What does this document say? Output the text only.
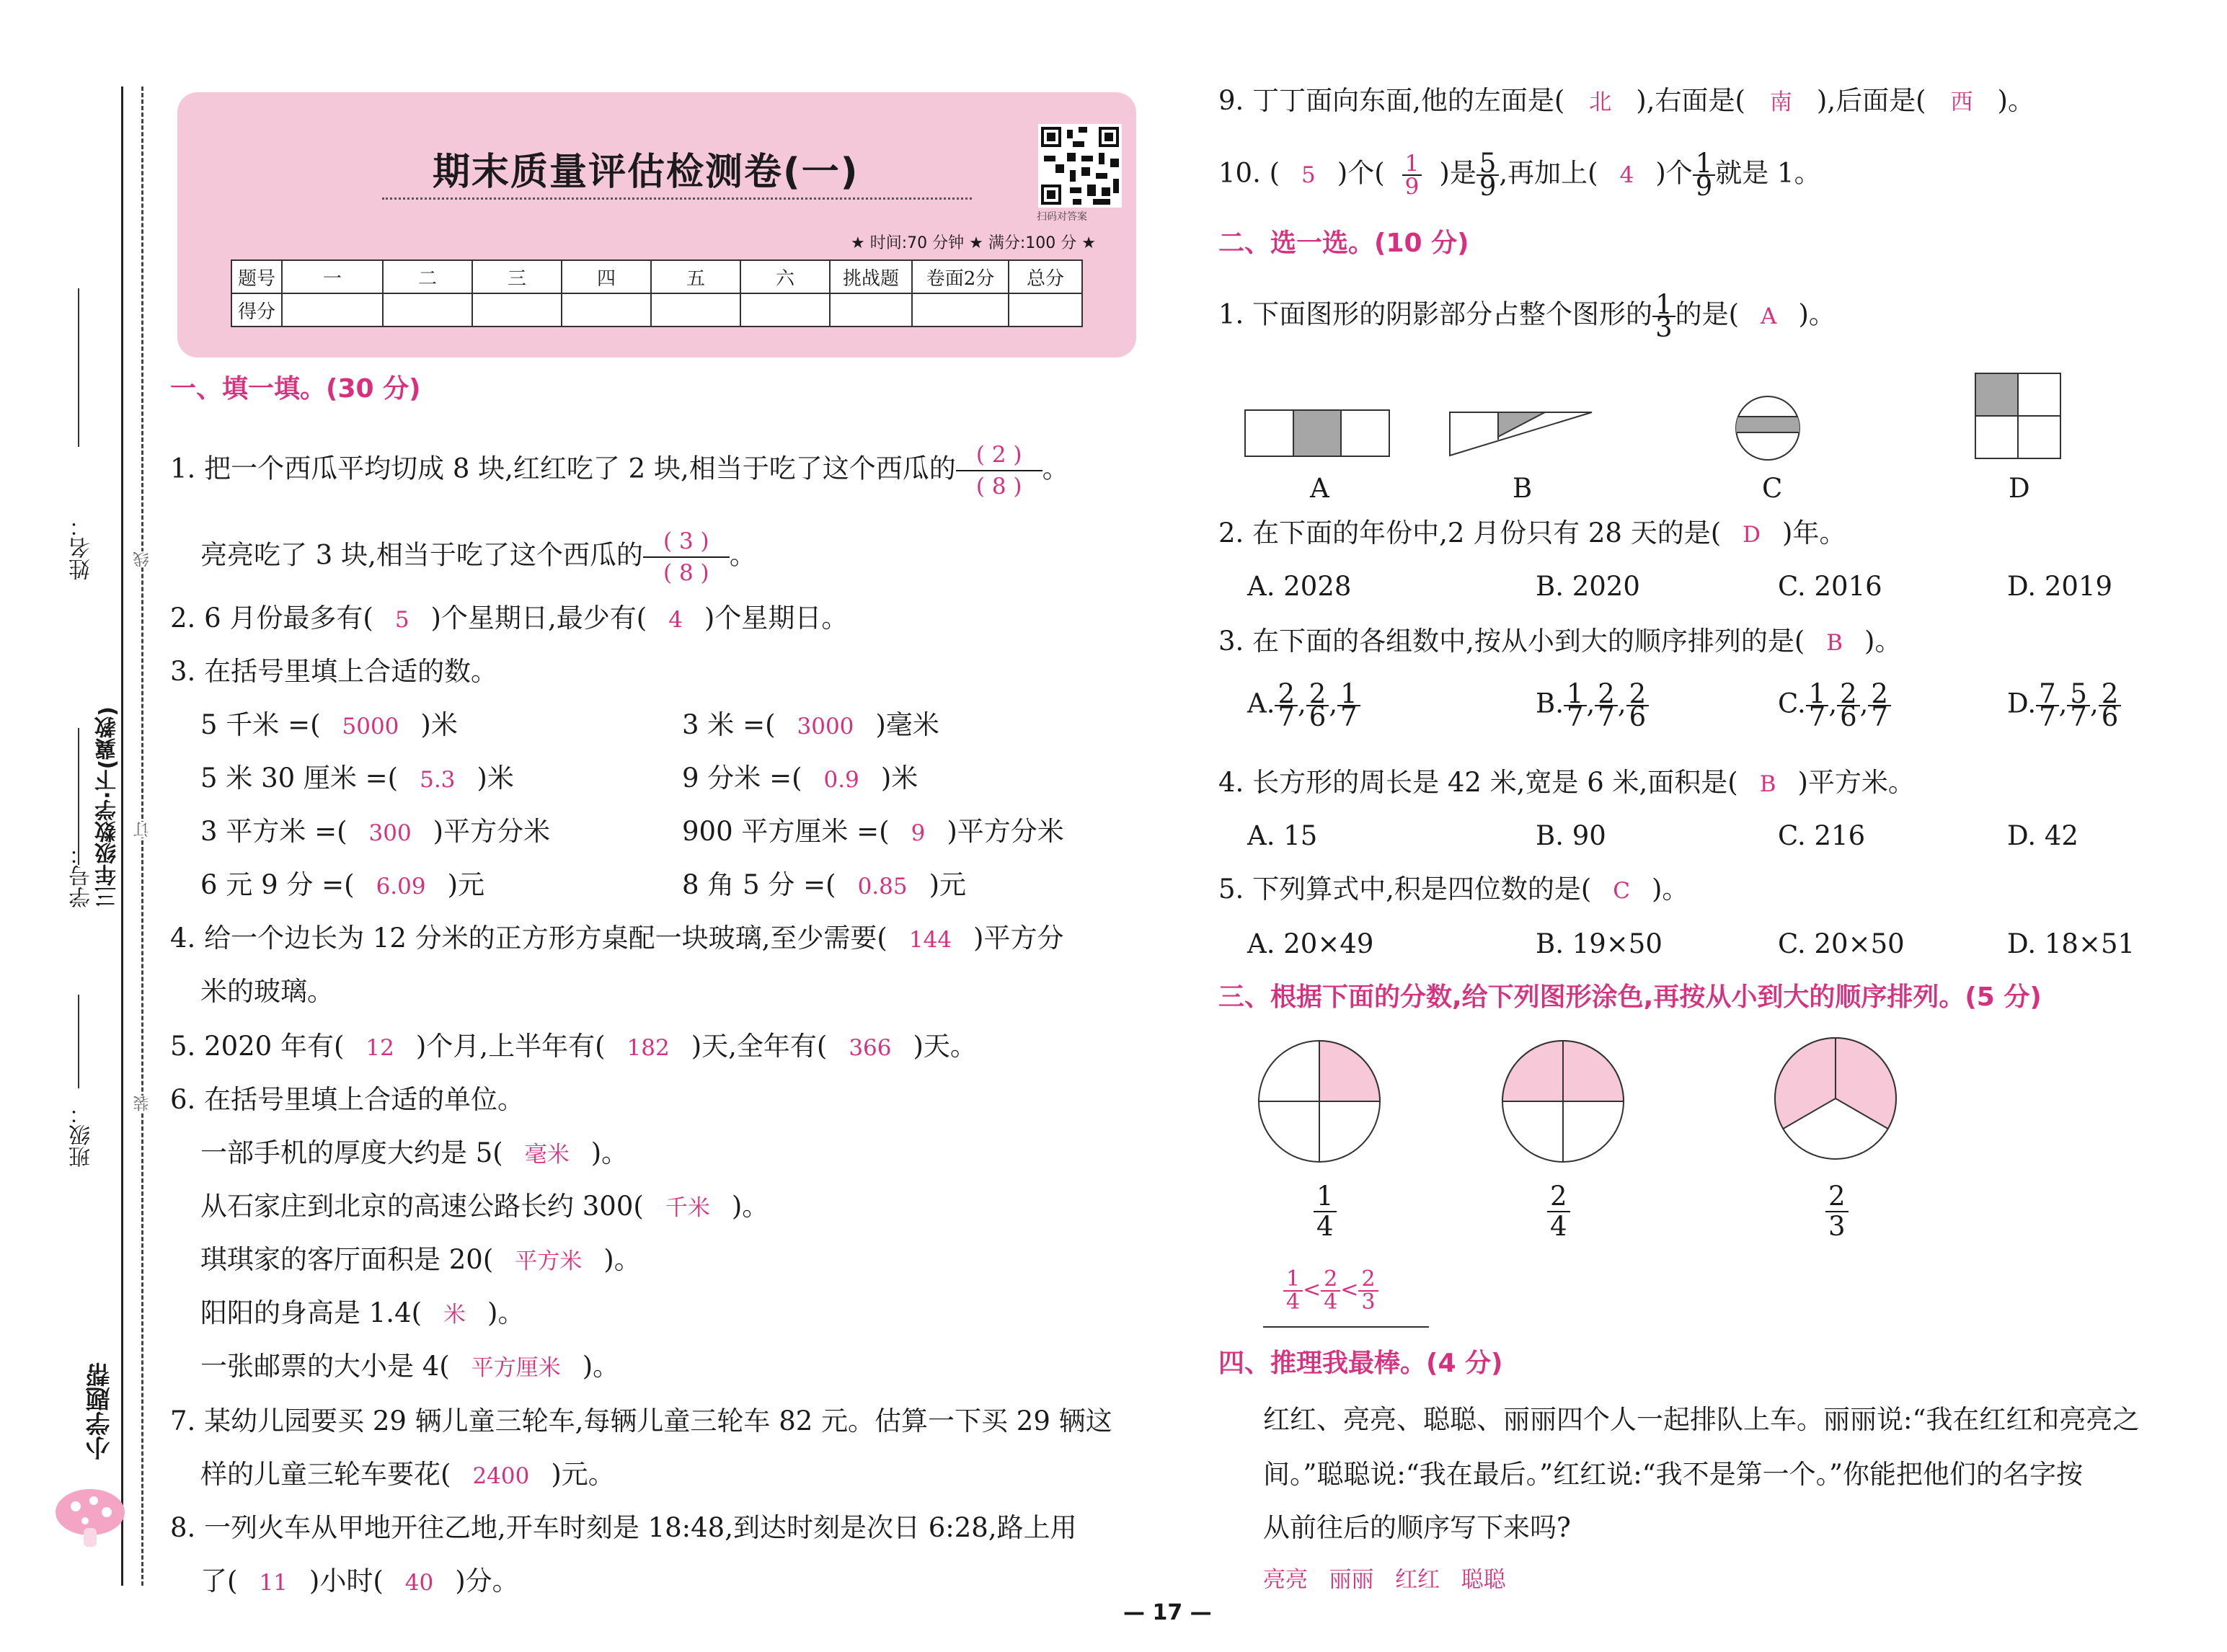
姓名：
学号： 三年级数学·下(冀教)
班级：
线
订
装
小学题帮
期末质量评估检测卷(一)
扫码对答案
★ 时间:70 分钟 ★ 满分:100 分 ★
题号	一	二	三	四	五	六	挑战题	卷面2分	总分
得分									
一、填一填。(30 分)
1. 把一个西瓜平均切成 8 块,红红吃了 2 块,相当于吃了这个西瓜的 $\frac{( 2 )}{( 8 )}$ 。
亮亮吃了 3 块,相当于吃了这个西瓜的 $\frac{( 3 )}{( 8 )}$ 。
2. 6 月份最多有( 5 )个星期日,最少有( 4 )个星期日。
3. 在括号里填上合适的数。
5 千米 =( 5000 )米	3 米 =( 3000 )毫米
5 米 30 厘米 =( 5.3 )米	9 分米 =( 0.9 )米
3 平方米 =( 300 )平方分米	900 平方厘米 =( 9 )平方分米
6 元 9 分 =( 6.09 )元	8 角 5 分 =( 0.85 )元
4. 给一个边长为 12 分米的正方形方桌配一块玻璃,至少需要( 144 )平方分
米的玻璃。
5. 2020 年有( 12 )个月,上半年有( 182 )天,全年有( 366 )天。
6. 在括号里填上合适的单位。
一部手机的厚度大约是 5( 毫米 )。
从石家庄到北京的高速公路长约 300( 千米 )。
琪琪家的客厅面积是 20( 平方米 )。
阳阳的身高是 1.4( 米 )。
一张邮票的大小是 4( 平方厘米 )。
7. 某幼儿园要买 29 辆儿童三轮车,每辆儿童三轮车 82 元。估算一下买 29 辆这
样的儿童三轮车要花( 2400 )元。
8. 一列火车从甲地开往乙地,开车时刻是 18:48,到达时刻是次日 6:28,路上用
了( 11 )小时( 40 )分。
9. 丁丁面向东面,他的左面是( 北 ),右面是( 南 ),后面是( 西 )。
10. ( 5 )个( $\frac{1}{9}$ )是 $\frac{5}{9}$ ,再加上( 4 )个 $\frac{1}{9}$ 就是 1。
二、选一选。(10 分)
1. 下面图形的阴影部分占整个图形的 $\frac{1}{3}$ 的是( A )。
A	B	C	D
2. 在下面的年份中,2 月份只有 28 天的是( D )年。
A. 2028	B. 2020	C. 2016	D. 2019
3. 在下面的各组数中,按从小到大的顺序排列的是( B )。
A. $\frac{2}{7}$ , $\frac{2}{6}$ , $\frac{1}{7}$	B. $\frac{1}{7}$ , $\frac{2}{7}$ , $\frac{2}{6}$	C. $\frac{1}{7}$ , $\frac{2}{6}$ , $\frac{2}{7}$	D. $\frac{7}{7}$ , $\frac{5}{7}$ , $\frac{2}{6}$
4. 长方形的周长是 42 米,宽是 6 米,面积是( B )平方米。
A. 15	B. 90	C. 216	D. 42
5. 下列算式中,积是四位数的是( C )。
A. 20×49	B. 19×50	C. 20×50	D. 18×51
三、根据下面的分数,给下列图形涂色,再按从小到大的顺序排列。(5 分)
$\frac{1}{4}$	$\frac{2}{4}$	$\frac{2}{3}$
$\frac{1}{4} < \frac{2}{4} < \frac{2}{3}$
四、推理我最棒。(4 分)
红红、亮亮、聪聪、丽丽四个人一起排队上车。丽丽说:“我在红红和亮亮之
间。”聪聪说:“我在最后。”红红说:“我不是第一个。”你能把他们的名字按
从前往后的顺序写下来吗?
亮亮   丽丽   红红   聪聪
— 17 —
